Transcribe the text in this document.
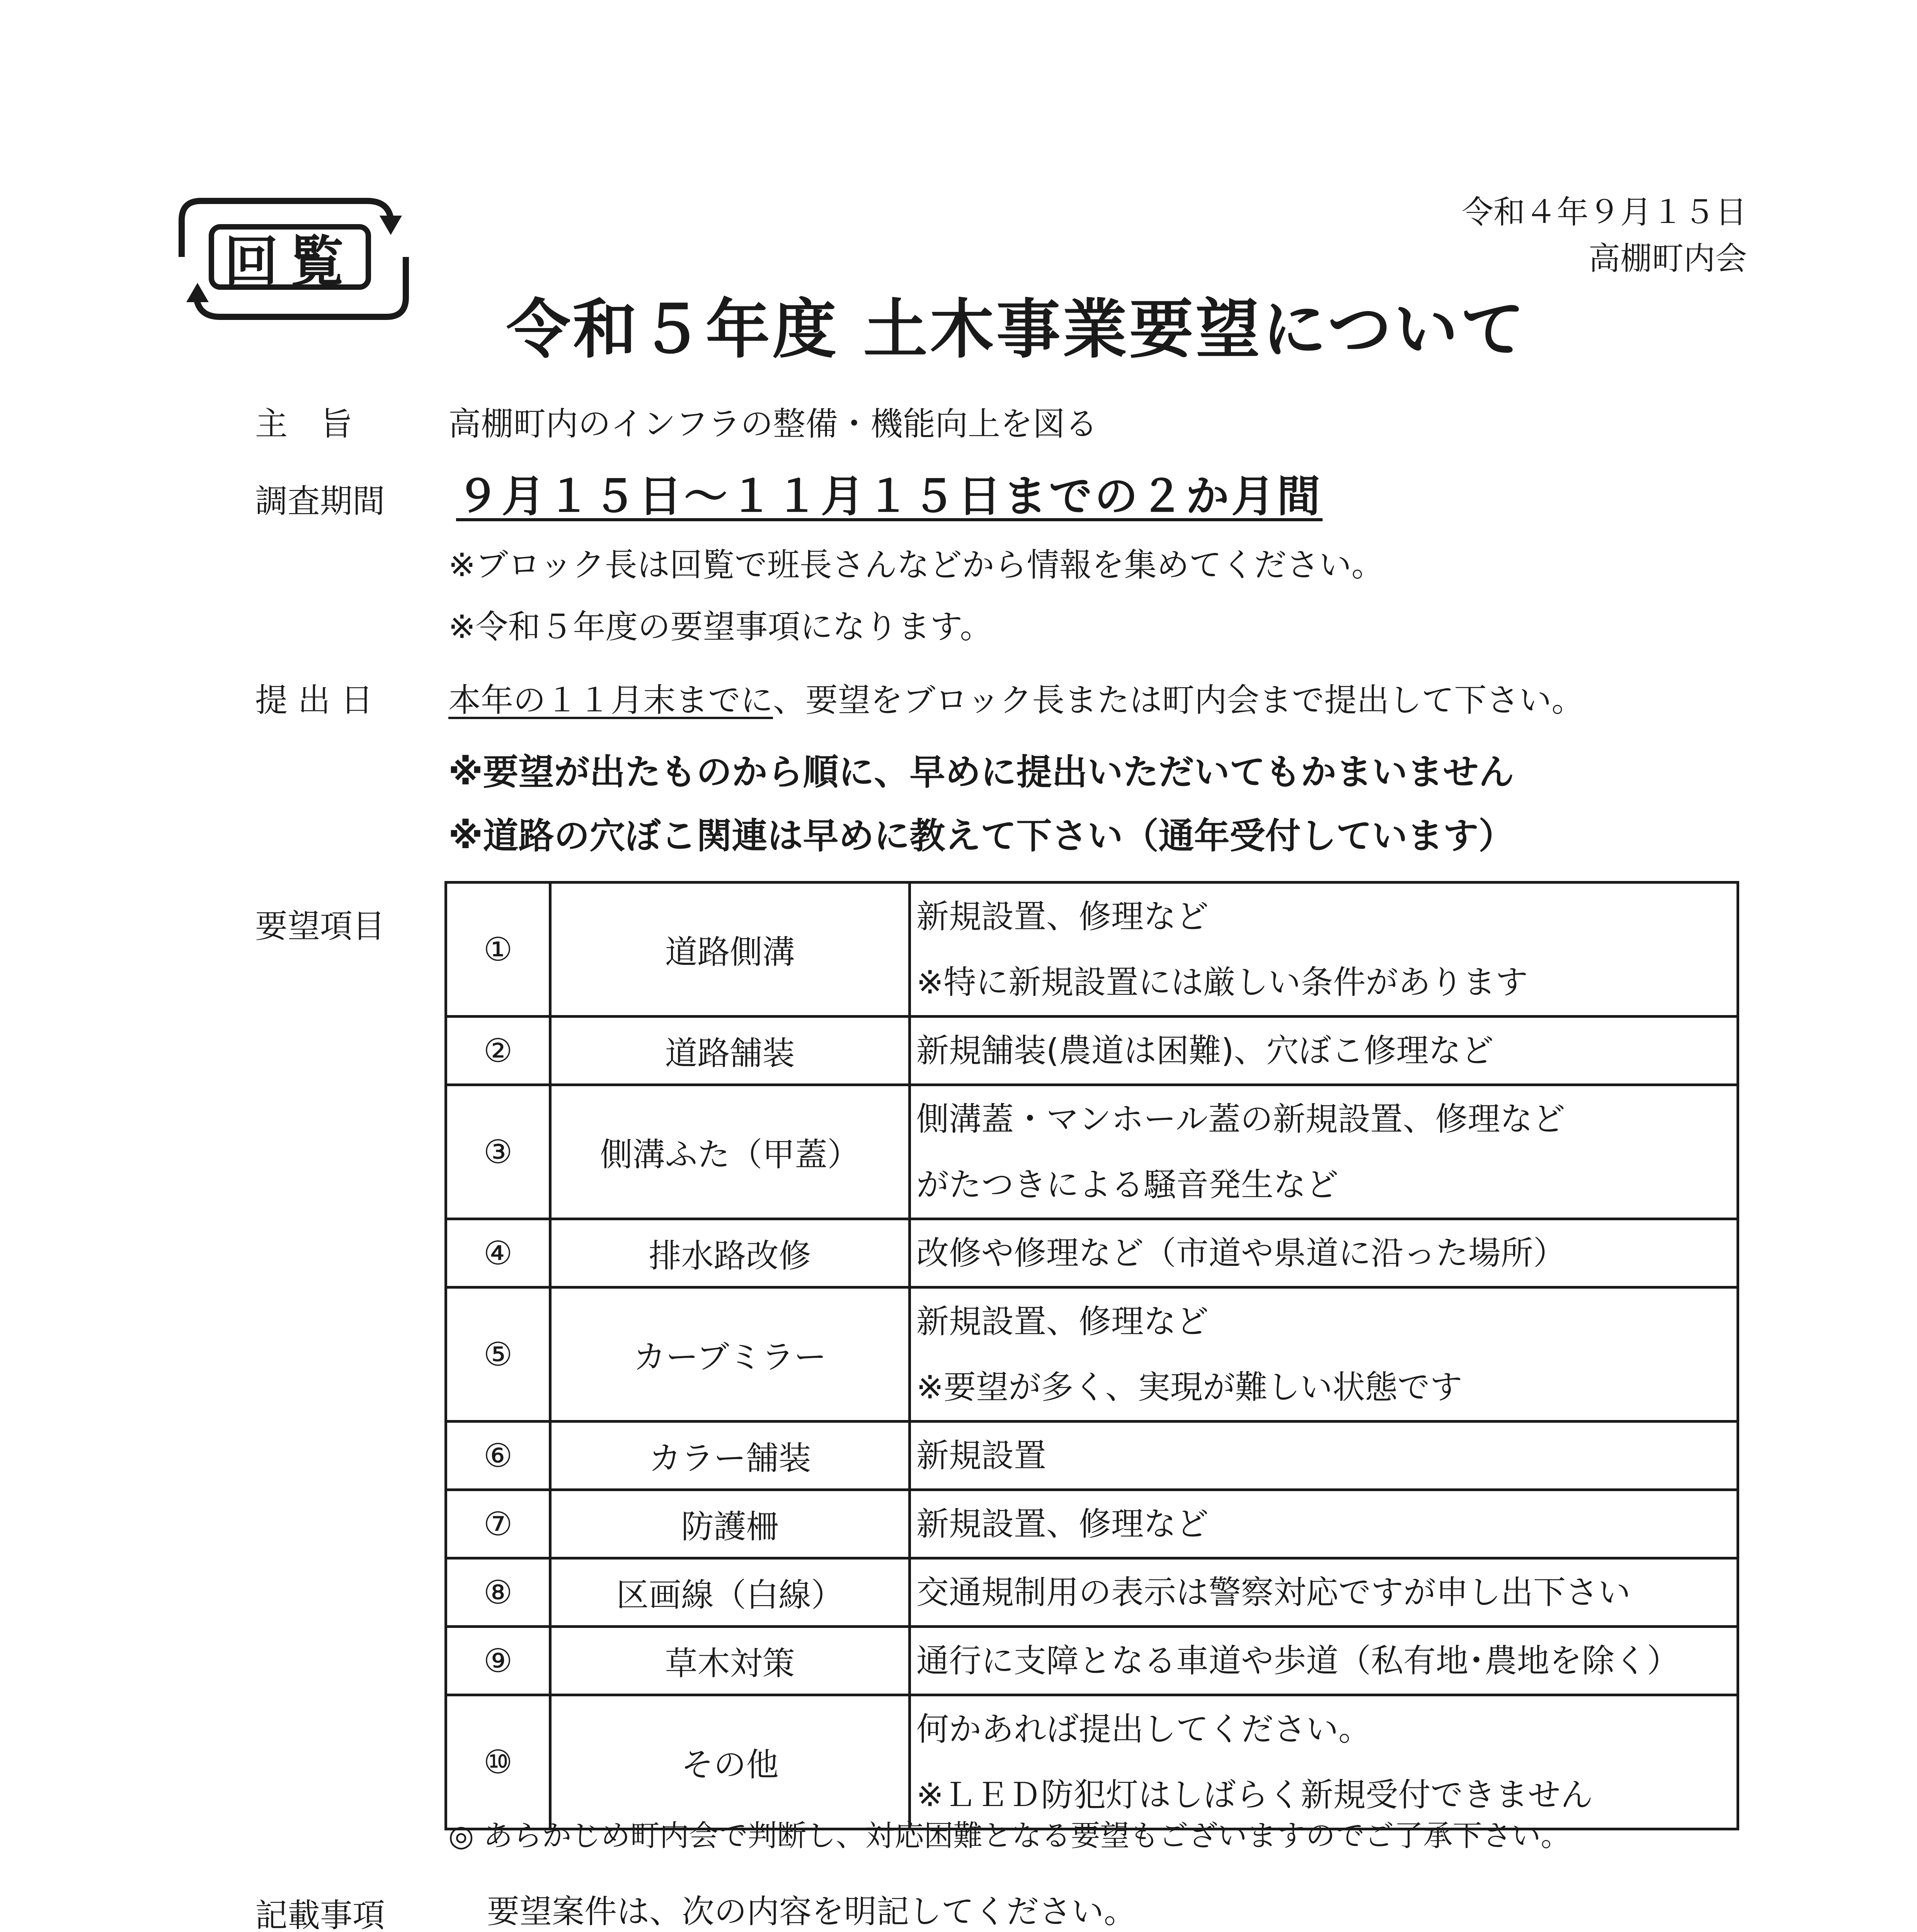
令和４年９月１５日
高棚町内会
回覧
令和５年度 土木事業要望について
主　旨	高棚町内のインフラの整備・機能向上を図る
調査期間 ９月１５日～１１月１５日までの２か月間
※ブロック長は回覧で班長さんなどから情報を集めてください。
※令和５年度の要望事項になります。
提 出 日 本年の１１月末までに、要望をブロック長または町内会まで提出して下さい。
※要望が出たものから順に、早めに提出いただいてもかまいません
※道路の穴ぼこ関連は早めに教えて下さい（通年受付しています）
要望項目
①	道路側溝	新規設置、修理など
※特に新規設置には厳しい条件があります

②	道路舗装	新規舗装(農道は困難)、穴ぼこ修理など

③	側溝ふた（甲蓋）	側溝蓋・マンホール蓋の新規設置、修理など
がたつきによる騒音発生など

④	排水路改修	改修や修理など（市道や県道に沿った場所）

⑤	カーブミラー	新規設置、修理など
※要望が多く、実現が難しい状態です

⑥	カラー舗装	新規設置

⑦	防護柵	新規設置、修理など

⑧	区画線（白線）	交通規制用の表示は警察対応ですが申し出下さい

⑨	草木対策	通行に支障となる車道や歩道（私有地･農地を除く）

⑩	その他	何かあれば提出してください。
※ＬＥＤ防犯灯はしばらく新規受付できません
◎ あらかじめ町内会で判断し、対応困難となる要望もございますのでご了承下さい。
記載事項	要望案件は、次の内容を明記してください。
